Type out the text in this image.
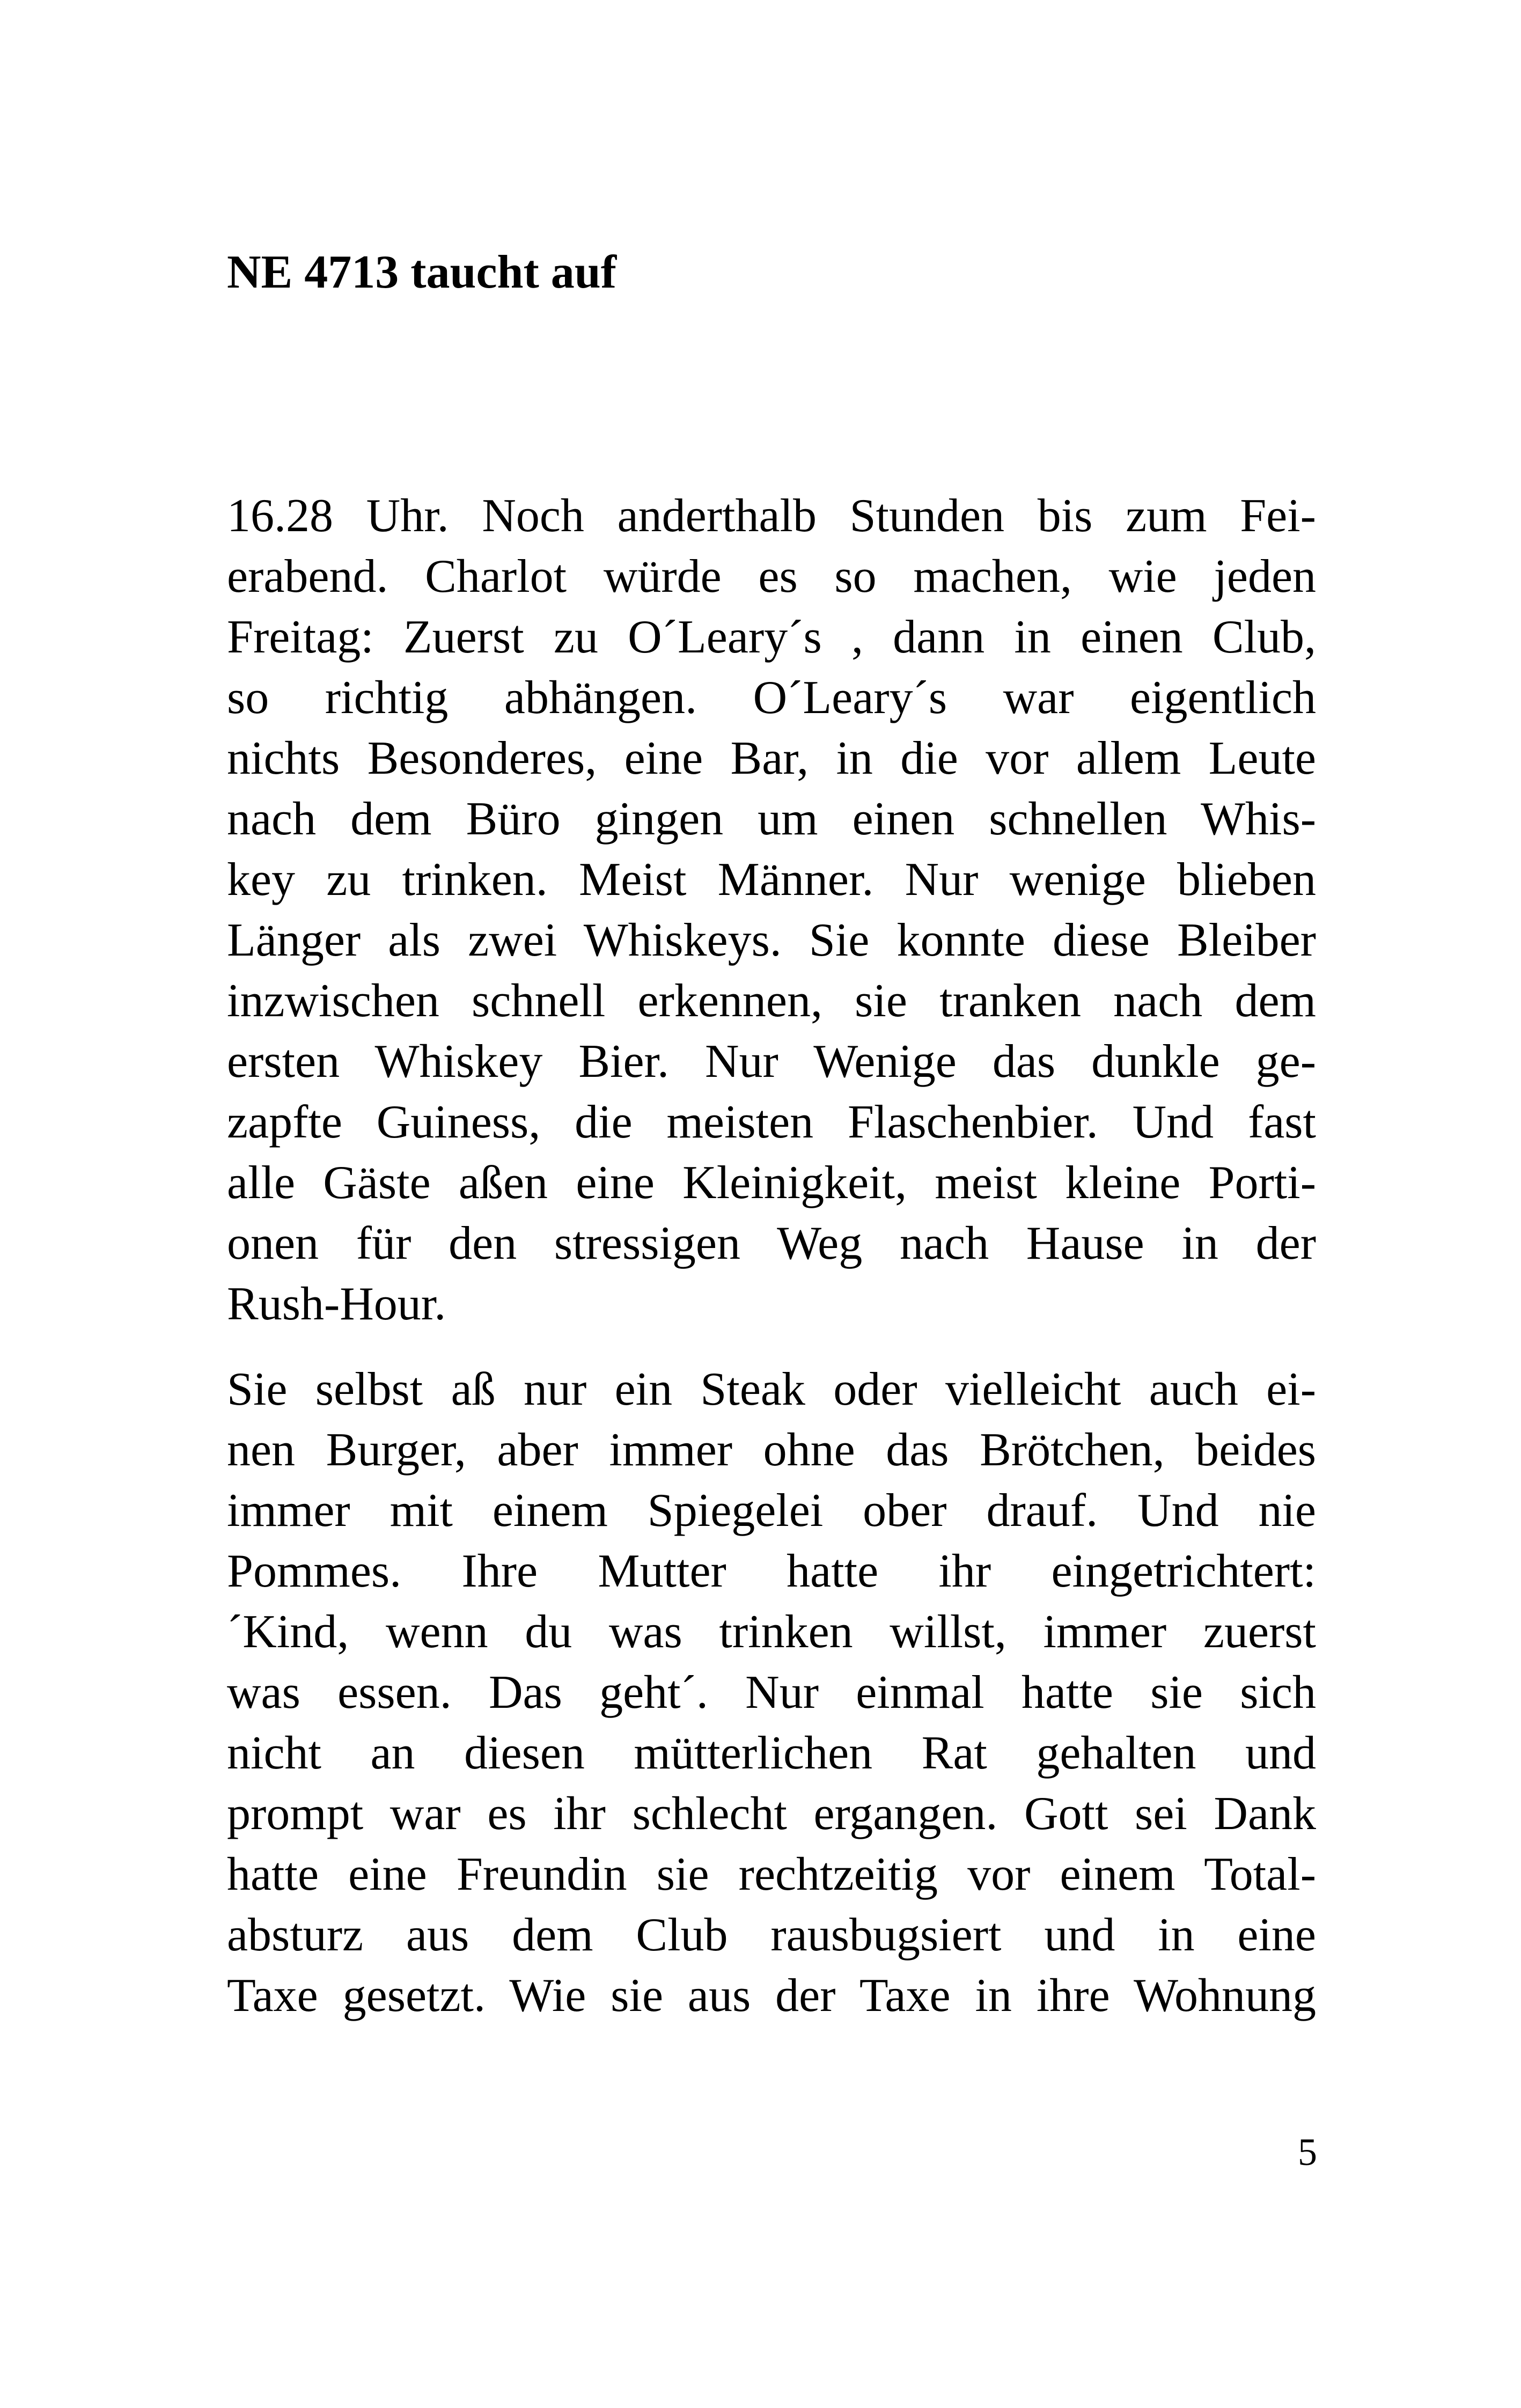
NE 4713 taucht auf

16.28 Uhr. Noch anderthalb Stunden bis zum Fei-
erabend. Charlot würde es so machen, wie jeden
Freitag: Zuerst zu O´Leary´s , dann in einen Club,
so richtig abhängen. O´Leary´s war eigentlich
nichts Besonderes, eine Bar, in die vor allem Leute
nach dem Büro gingen um einen schnellen Whis-
key zu trinken. Meist Männer. Nur wenige blieben
Länger als zwei Whiskeys. Sie konnte diese Bleiber
inzwischen schnell erkennen, sie tranken nach dem
ersten Whiskey Bier. Nur Wenige das dunkle ge-
zapfte Guiness, die meisten Flaschenbier. Und fast
alle Gäste aßen eine Kleinigkeit, meist kleine Porti-
onen für den stressigen Weg nach Hause in der
Rush-Hour.

Sie selbst aß nur ein Steak oder vielleicht auch ei-
nen Burger, aber immer ohne das Brötchen, beides
immer mit einem Spiegelei ober drauf. Und nie
Pommes. Ihre Mutter hatte ihr eingetrichtert:
´Kind, wenn du was trinken willst, immer zuerst
was essen. Das geht´. Nur einmal hatte sie sich
nicht an diesen mütterlichen Rat gehalten und
prompt war es ihr schlecht ergangen. Gott sei Dank
hatte eine Freundin sie rechtzeitig vor einem Total-
absturz aus dem Club rausbugsiert und in eine
Taxe gesetzt. Wie sie aus der Taxe in ihre Wohnung

5
